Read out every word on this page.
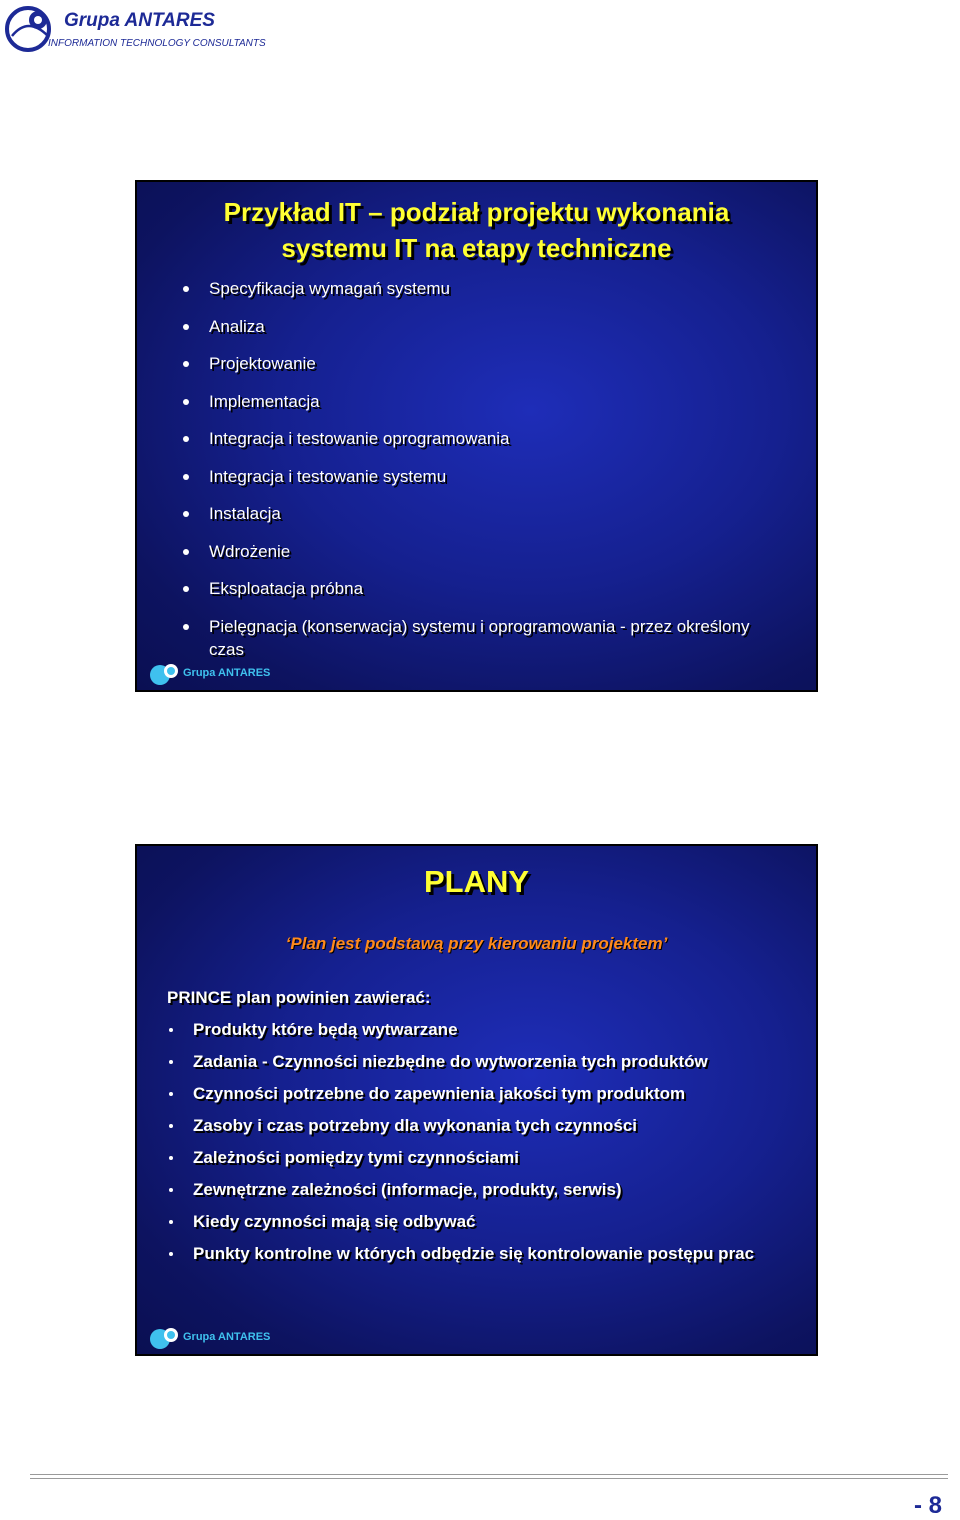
Grupa ANTARES
INFORMATION TECHNOLOGY CONSULTANTS
Przykład IT – podział projektu wykonania
systemu IT na etapy techniczne
Specyfikacja wymagań systemu
Analiza
Projektowanie
Implementacja
Integracja i testowanie oprogramowania
Integracja i testowanie systemu
Instalacja
Wdrożenie
Eksploatacja próbna
Pielęgnacja (konserwacja) systemu i oprogramowania - przez określony czas
Grupa ANTARES
PLANY
‘Plan jest podstawą przy kierowaniu projektem’
PRINCE plan powinien zawierać:
Produkty które będą wytwarzane
Zadania - Czynności niezbędne do wytworzenia tych produktów
Czynności potrzebne do zapewnienia jakości tym produktom
Zasoby i czas potrzebny dla wykonania tych czynności
Zależności pomiędzy tymi czynnościami
Zewnętrzne zależności (informacje, produkty, serwis)
Kiedy czynności mają się odbywać
Punkty kontrolne w których odbędzie się kontrolowanie postępu prac
Grupa ANTARES
- 8
